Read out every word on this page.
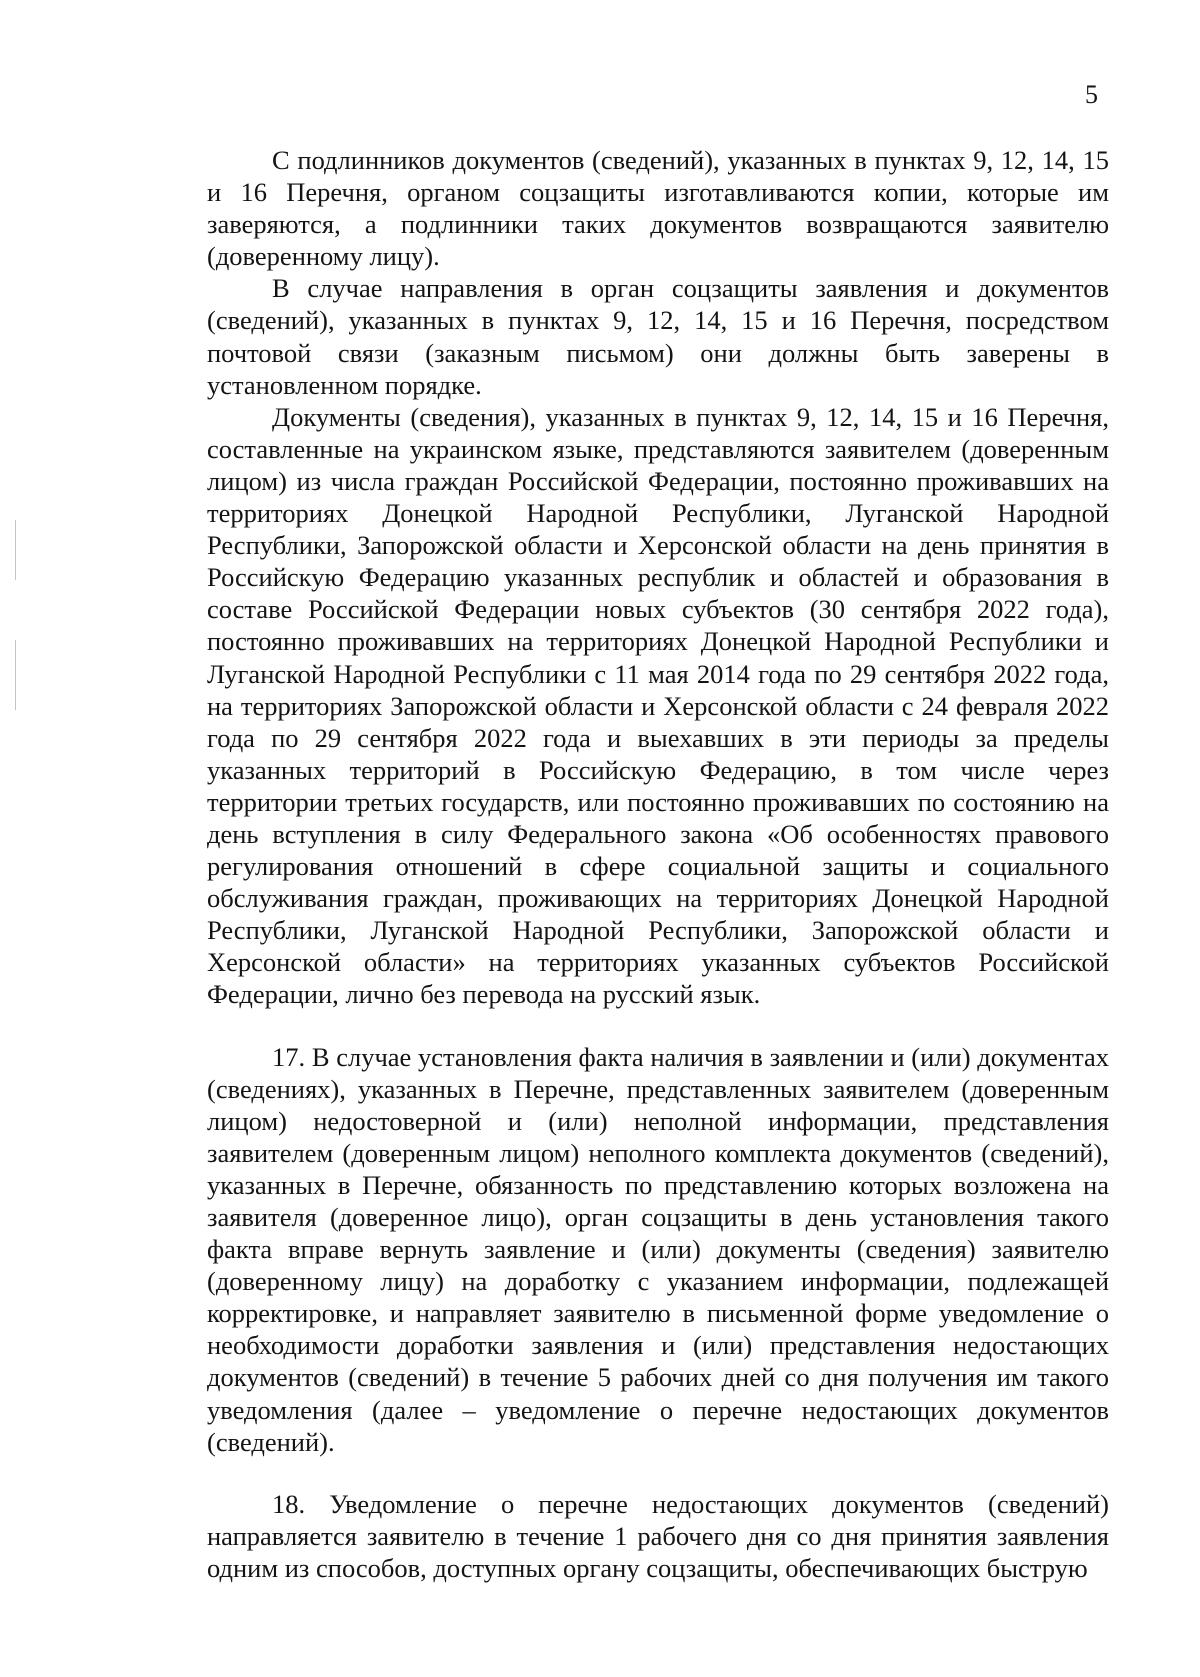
5

С подлинников документов (сведений), указанных в пунктах 9, 12, 14, 15 и 16 Перечня, органом соцзащиты изготавливаются копии, которые им заверяются, а подлинники таких документов возвращаются заявителю (доверенному лицу).

В случае направления в орган соцзащиты заявления и документов (сведений), указанных в пунктах 9, 12, 14, 15 и 16 Перечня, посредством почтовой связи (заказным письмом) они должны быть заверены в установленном порядке.

Документы (сведения), указанных в пунктах 9, 12, 14, 15 и 16 Перечня, составленные на украинском языке, представляются заявителем (доверенным лицом) из числа граждан Российской Федерации, постоянно проживавших на территориях Донецкой Народной Республики, Луганской Народной Республики, Запорожской области и Херсонской области на день принятия в Российскую Федерацию указанных республик и областей и образования в составе Российской Федерации новых субъектов (30 сентября 2022 года), постоянно проживавших на территориях Донецкой Народной Республики и Луганской Народной Республики с 11 мая 2014 года по 29 сентября 2022 года, на территориях Запорожской области и Херсонской области с 24 февраля 2022 года по 29 сентября 2022 года и выехавших в эти периоды за пределы указанных территорий в Российскую Федерацию, в том числе через территории третьих государств, или постоянно проживавших по состоянию на день вступления в силу Федерального закона «Об особенностях правового регулирования отношений в сфере социальной защиты и социального обслуживания граждан, проживающих на территориях Донецкой Народной Республики, Луганской Народной Республики, Запорожской области и Херсонской области» на территориях указанных субъектов Российской Федерации, лично без перевода на русский язык.

17. В случае установления факта наличия в заявлении и (или) документах (сведениях), указанных в Перечне, представленных заявителем (доверенным лицом) недостоверной и (или) неполной информации, представления заявителем (доверенным лицом) неполного комплекта документов (сведений), указанных в Перечне, обязанность по представлению которых возложена на заявителя (доверенное лицо), орган соцзащиты в день установления такого факта вправе вернуть заявление и (или) документы (сведения) заявителю (доверенному лицу) на доработку с указанием информации, подлежащей корректировке, и направляет заявителю в письменной форме уведомление о необходимости доработки заявления и (или) представления недостающих документов (сведений) в течение 5 рабочих дней со дня получения им такого уведомления (далее – уведомление о перечне недостающих документов (сведений).

18. Уведомление о перечне недостающих документов (сведений) направляется заявителю в течение 1 рабочего дня со дня принятия заявления одним из способов, доступных органу соцзащиты, обеспечивающих быструю
